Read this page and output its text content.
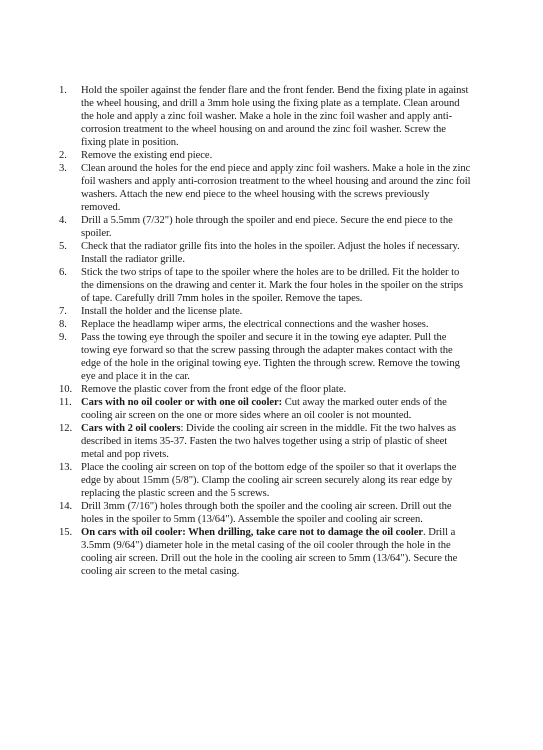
1.	Hold the spoiler against the fender flare and the front fender. Bend the fixing plate in against the wheel housing, and drill a 3mm hole using the fixing plate as a template. Clean around the hole and apply a zinc foil washer. Make a hole in the zinc foil washer and apply anti-corrosion treatment to the wheel housing on and around the zinc foil washer. Screw the fixing plate in position.
2.	Remove the existing end piece.
3.	Clean around the holes for the end piece and apply zinc foil washers. Make a hole in the zinc foil washers and apply anti-corrosion treatment to the wheel housing and around the zinc foil washers. Attach the new end piece to the wheel housing with the screws previously removed.
4.	Drill a 5.5mm (7/32") hole through the spoiler and end piece. Secure the end piece to the spoiler.
5.	Check that the radiator grille fits into the holes in the spoiler. Adjust the holes if necessary. Install the radiator grille.
6.	Stick the two strips of tape to the spoiler where the holes are to be drilled. Fit the holder to the dimensions on the drawing and center it. Mark the four holes in the spoiler on the strips of tape. Carefully drill 7mm holes in the spoiler. Remove the tapes.
7.	Install the holder and the license plate.
8.	Replace the headlamp wiper arms, the electrical connections and the washer hoses.
9.	Pass the towing eye through the spoiler and secure it in the towing eye adapter. Pull the towing eye forward so that the screw passing through the adapter makes contact with the edge of the hole in the original towing eye. Tighten the through screw. Remove the towing eye and place it in the car.
10. Remove the plastic cover from the front edge of the floor plate.
11. Cars with no oil cooler or with one oil cooler: Cut away the marked outer ends of the cooling air screen on the one or more sides where an oil cooler is not mounted.
12. Cars with 2 oil coolers: Divide the cooling air screen in the middle. Fit the two halves as described in items 35-37. Fasten the two halves together using a strip of plastic of sheet metal and pop rivets.
13. Place the cooling air screen on top of the bottom edge of the spoiler so that it overlaps the edge by about 15mm (5/8"). Clamp the cooling air screen securely along its rear edge by replacing the plastic screen and the 5 screws.
14. Drill 3mm (7/16") holes through both the spoiler and the cooling air screen. Drill out the holes in the spoiler to 5mm (13/64"). Assemble the spoiler and cooling air screen.
15. On cars with oil cooler: When drilling, take care not to damage the oil cooler. Drill a 3.5mm (9/64") diameter hole in the metal casing of the oil cooler through the hole in the cooling air screen. Drill out the hole in the cooling air screen to 5mm (13/64"). Secure the cooling air screen to the metal casing.
